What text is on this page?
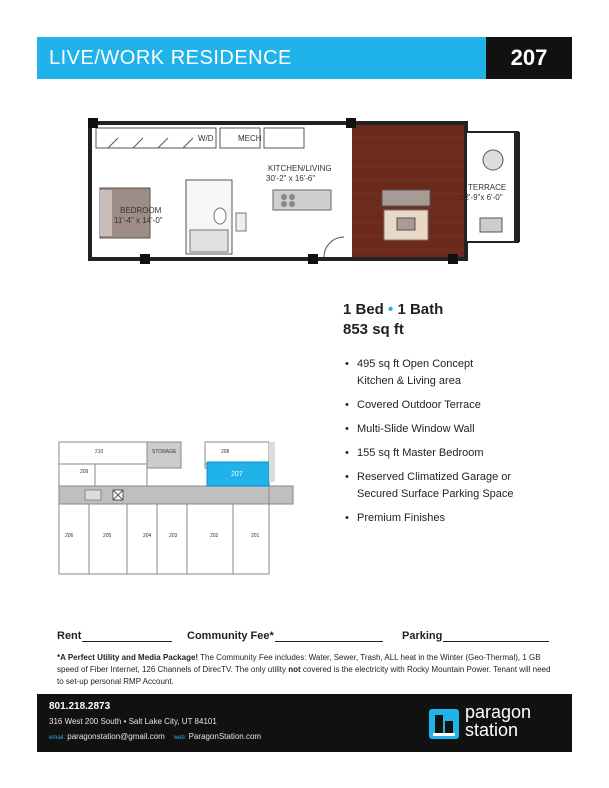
LIVE/WORK RESIDENCE	207
W/D	MECH
KITCHEN/LIVING
30'-2" x 16'-6"
BEDROOM
11'-4" x 14'-0"
TERRACE
12'-9"x 6'-0"
1 Bed • 1 Bath
853 sq ft
• 495 sq ft Open Concept
Kitchen & Living area
• Covered Outdoor Terrace
• Multi-Slide Window Wall
• 155 sq ft Master Bedroom
• Reserved Climatized Garage or
Secured Surface Parking Space
• Premium Finishes
210	STORAGE	208
209
206	205	204	203	202	201
207
Rent	Community Fee*	Parking
*A Perfect Utility and Media Package! The Community Fee includes: Water, Sewer, Trash, ALL heat in the Winter (Geo-Thermal), 1 GB speed of Fiber Internet, 126 Channels of DirecTV. The only utility not covered is the electricity with Rocky Mountain Power. Tenant will need to set-up personal RMP Account.
801.218.2873
316 West 200 South • Salt Lake City, UT 84101
email: paragonstation@gmail.com web: ParagonStation.com
paragon
station
